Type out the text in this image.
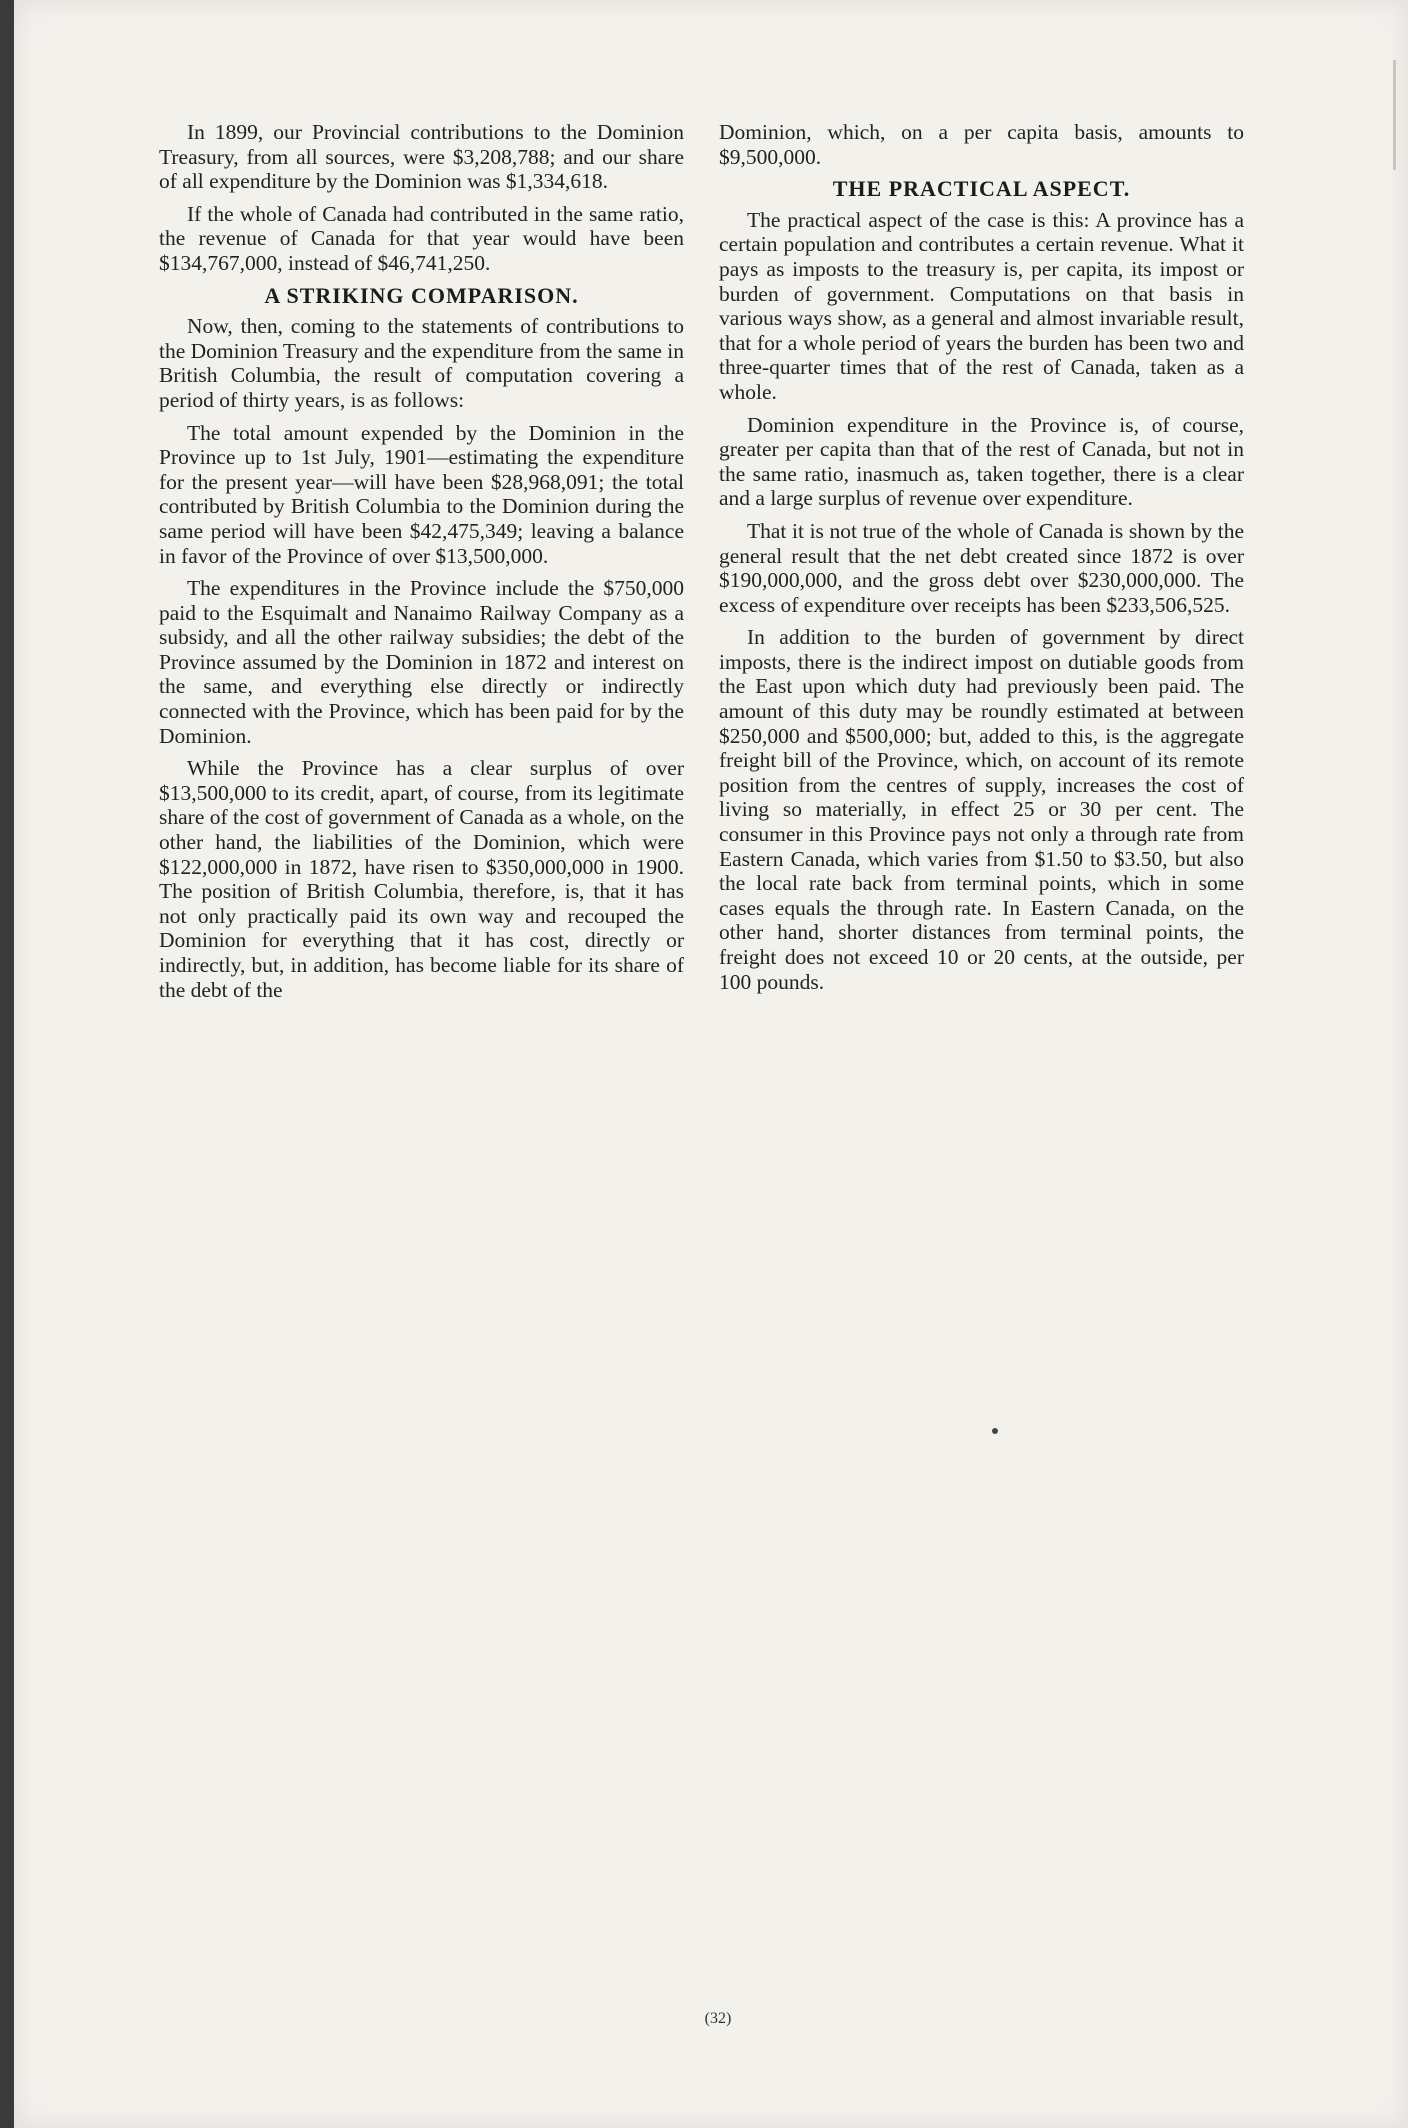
In 1899, our Provincial contributions to the Dominion Treasury, from all sources, were $3,208,788; and our share of all expenditure by the Dominion was $1,334,618.

If the whole of Canada had contributed in the same ratio, the revenue of Canada for that year would have been $134,767,000, instead of $46,741,250.

A STRIKING COMPARISON.

Now, then, coming to the statements of contributions to the Dominion Treasury and the expenditure from the same in British Columbia, the result of computation covering a period of thirty years, is as follows:

The total amount expended by the Dominion in the Province up to 1st July, 1901—estimating the expenditure for the present year—will have been $28,968,091; the total contributed by British Columbia to the Dominion during the same period will have been $42,475,349; leaving a balance in favor of the Province of over $13,500,000.

The expenditures in the Province include the $750,000 paid to the Esquimalt and Nanaimo Railway Company as a subsidy, and all the other railway subsidies; the debt of the Province assumed by the Dominion in 1872 and interest on the same, and everything else directly or indirectly connected with the Province, which has been paid for by the Dominion.

While the Province has a clear surplus of over $13,500,000 to its credit, apart, of course, from its legitimate share of the cost of government of Canada as a whole, on the other hand, the liabilities of the Dominion, which were $122,000,000 in 1872, have risen to $350,000,000 in 1900. The position of British Columbia, therefore, is, that it has not only practically paid its own way and recouped the Dominion for everything that it has cost, directly or indirectly, but, in addition, has become liable for its share of the debt of the

Dominion, which, on a per capita basis, amounts to $9,500,000.

THE PRACTICAL ASPECT.

The practical aspect of the case is this: A province has a certain population and contributes a certain revenue. What it pays as imposts to the treasury is, per capita, its impost or burden of government. Computations on that basis in various ways show, as a general and almost invariable result, that for a whole period of years the burden has been two and three-quarter times that of the rest of Canada, taken as a whole.

Dominion expenditure in the Province is, of course, greater per capita than that of the rest of Canada, but not in the same ratio, inasmuch as, taken together, there is a clear and a large surplus of revenue over expenditure.

That it is not true of the whole of Canada is shown by the general result that the net debt created since 1872 is over $190,000,000, and the gross debt over $230,000,000. The excess of expenditure over receipts has been $233,506,525.

In addition to the burden of government by direct imposts, there is the indirect impost on dutiable goods from the East upon which duty had previously been paid. The amount of this duty may be roundly estimated at between $250,000 and $500,000; but, added to this, is the aggregate freight bill of the Province, which, on account of its remote position from the centres of supply, increases the cost of living so materially, in effect 25 or 30 per cent. The consumer in this Province pays not only a through rate from Eastern Canada, which varies from $1.50 to $3.50, but also the local rate back from terminal points, which in some cases equals the through rate. In Eastern Canada, on the other hand, shorter distances from terminal points, the freight does not exceed 10 or 20 cents, at the outside, per 100 pounds.

(32)
